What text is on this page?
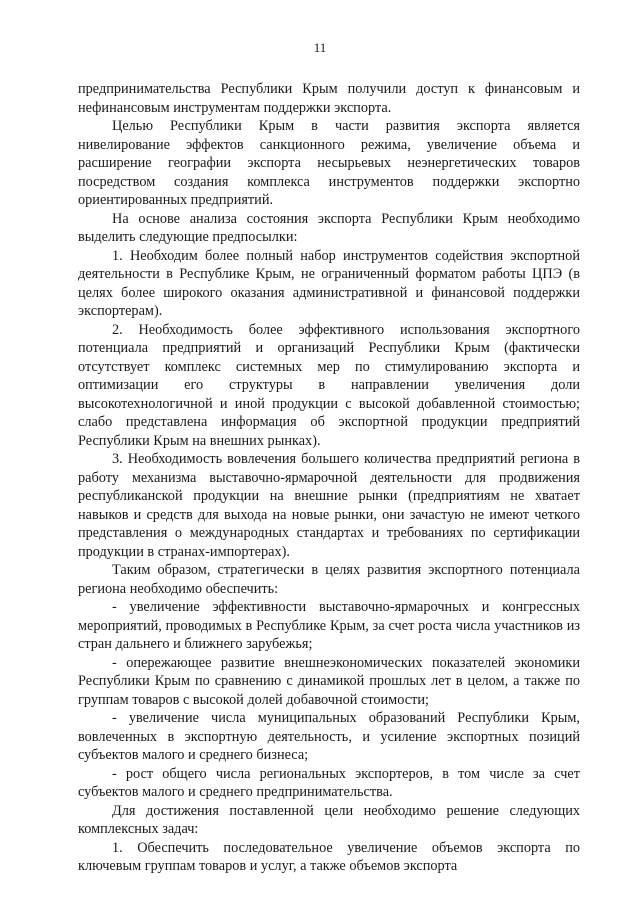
11

предпринимательства Республики Крым получили доступ к финансовым и нефинансовым инструментам поддержки экспорта.

Целью Республики Крым в части развития экспорта является нивелирование эффектов санкционного режима, увеличение объема и расширение географии экспорта несырьевых неэнергетических товаров посредством создания комплекса инструментов поддержки экспортно ориентированных предприятий.

На основе анализа состояния экспорта Республики Крым необходимо выделить следующие предпосылки:

1. Необходим более полный набор инструментов содействия экспортной деятельности в Республике Крым, не ограниченный форматом работы ЦПЭ (в целях более широкого оказания административной и финансовой поддержки экспортерам).

2. Необходимость более эффективного использования экспортного потенциала предприятий и организаций Республики Крым (фактически отсутствует комплекс системных мер по стимулированию экспорта и оптимизации его структуры в направлении увеличения доли высокотехнологичной и иной продукции с высокой добавленной стоимостью; слабо представлена информация об экспортной продукции предприятий Республики Крым на внешних рынках).

3. Необходимость вовлечения большего количества предприятий региона в работу механизма выставочно-ярмарочной деятельности для продвижения республиканской продукции на внешние рынки (предприятиям не хватает навыков и средств для выхода на новые рынки, они зачастую не имеют четкого представления о международных стандартах и требованиях по сертификации продукции в странах-импортерах).

Таким образом, стратегически в целях развития экспортного потенциала региона необходимо обеспечить:

- увеличение эффективности выставочно-ярмарочных и конгрессных мероприятий, проводимых в Республике Крым, за счет роста числа участников из стран дальнего и ближнего зарубежья;

- опережающее развитие внешнеэкономических показателей экономики Республики Крым по сравнению с динамикой прошлых лет в целом, а также по группам товаров с высокой долей добавочной стоимости;

- увеличение числа муниципальных образований Республики Крым, вовлеченных в экспортную деятельность, и усиление экспортных позиций субъектов малого и среднего бизнеса;

- рост общего числа региональных экспортеров, в том числе за счет субъектов малого и среднего предпринимательства.

Для достижения поставленной цели необходимо решение следующих комплексных задач:

1. Обеспечить последовательное увеличение объемов экспорта по ключевым группам товаров и услуг, а также объемов экспорта
